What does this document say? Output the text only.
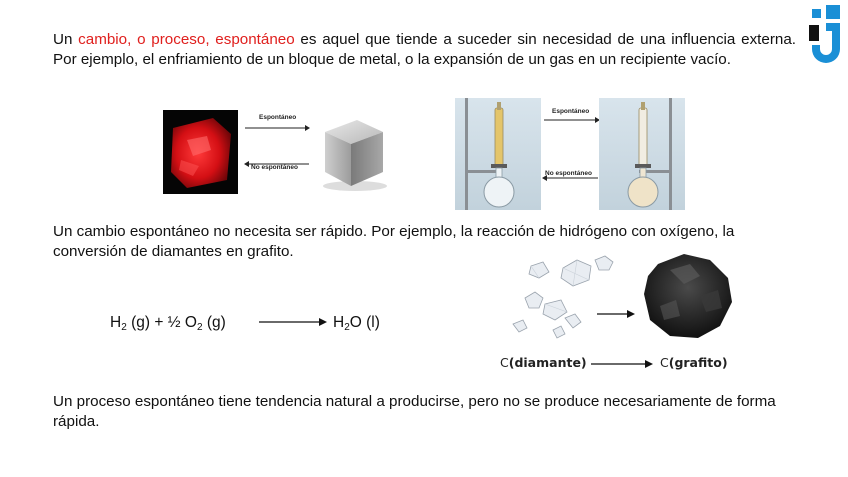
Un cambio, o proceso, espontáneo es aquel que tiende a suceder sin necesidad de una influencia externa. Por ejemplo, el enfriamiento de un bloque de metal, o la expansión de un gas en un recipiente vacío.
Espontáneo
No espontáneo
Espontáneo
No espontáneo
Un cambio espontáneo no necesita ser rápido. Por ejemplo, la reacción de hidrógeno con oxígeno, la conversión de diamantes en grafito.
$H_2$ (g) + ½ $O_2$ (g)	$H_2O$ (l)
C(diamante)	C(grafito)
Un proceso espontáneo tiene tendencia natural a producirse, pero no se produce necesariamente de forma rápida.
